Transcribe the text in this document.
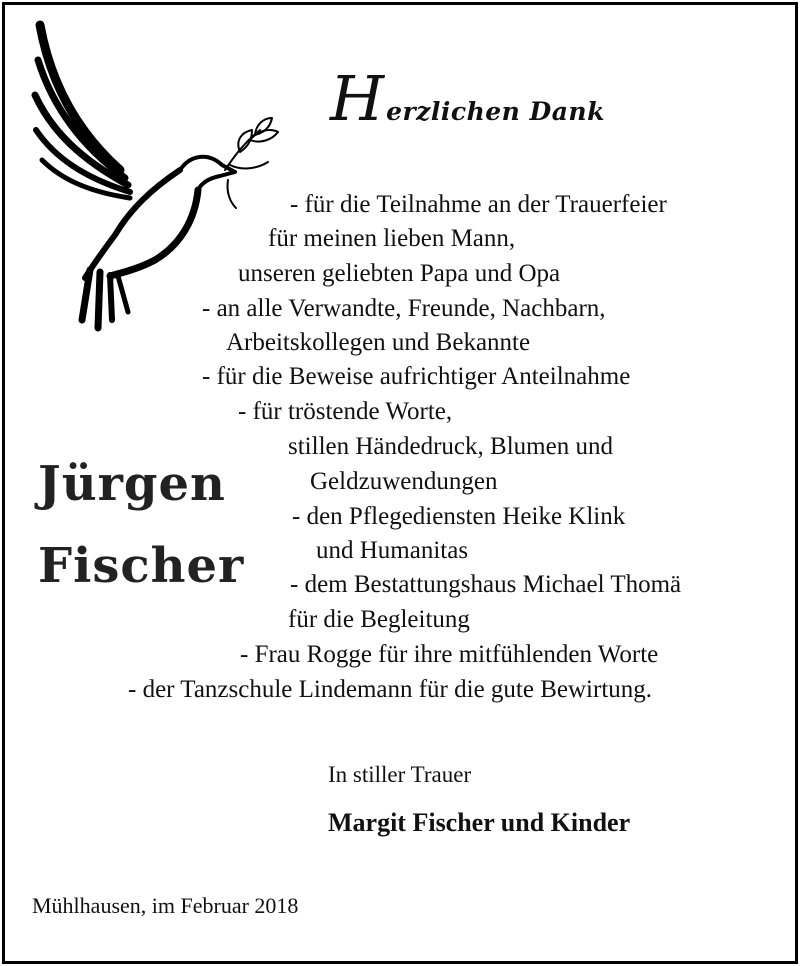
Herzlichen Dank
- für die Teilnahme an der Trauerfeier
für meinen lieben Mann,
unseren geliebten Papa und Opa
- an alle Verwandte, Freunde, Nachbarn,
Arbeitskollegen und Bekannte
- für die Beweise aufrichtiger Anteilnahme
- für tröstende Worte,
stillen Händedruck, Blumen und
Geldzuwendungen
- den Pflegediensten Heike Klink
und Humanitas
- dem Bestattungshaus Michael Thomä
für die Begleitung
- Frau Rogge für ihre mitfühlenden Worte
- der Tanzschule Lindemann für die gute Bewirtung.
Jürgen
Fischer
In stiller Trauer
Margit Fischer und Kinder
Mühlhausen, im Februar 2018
